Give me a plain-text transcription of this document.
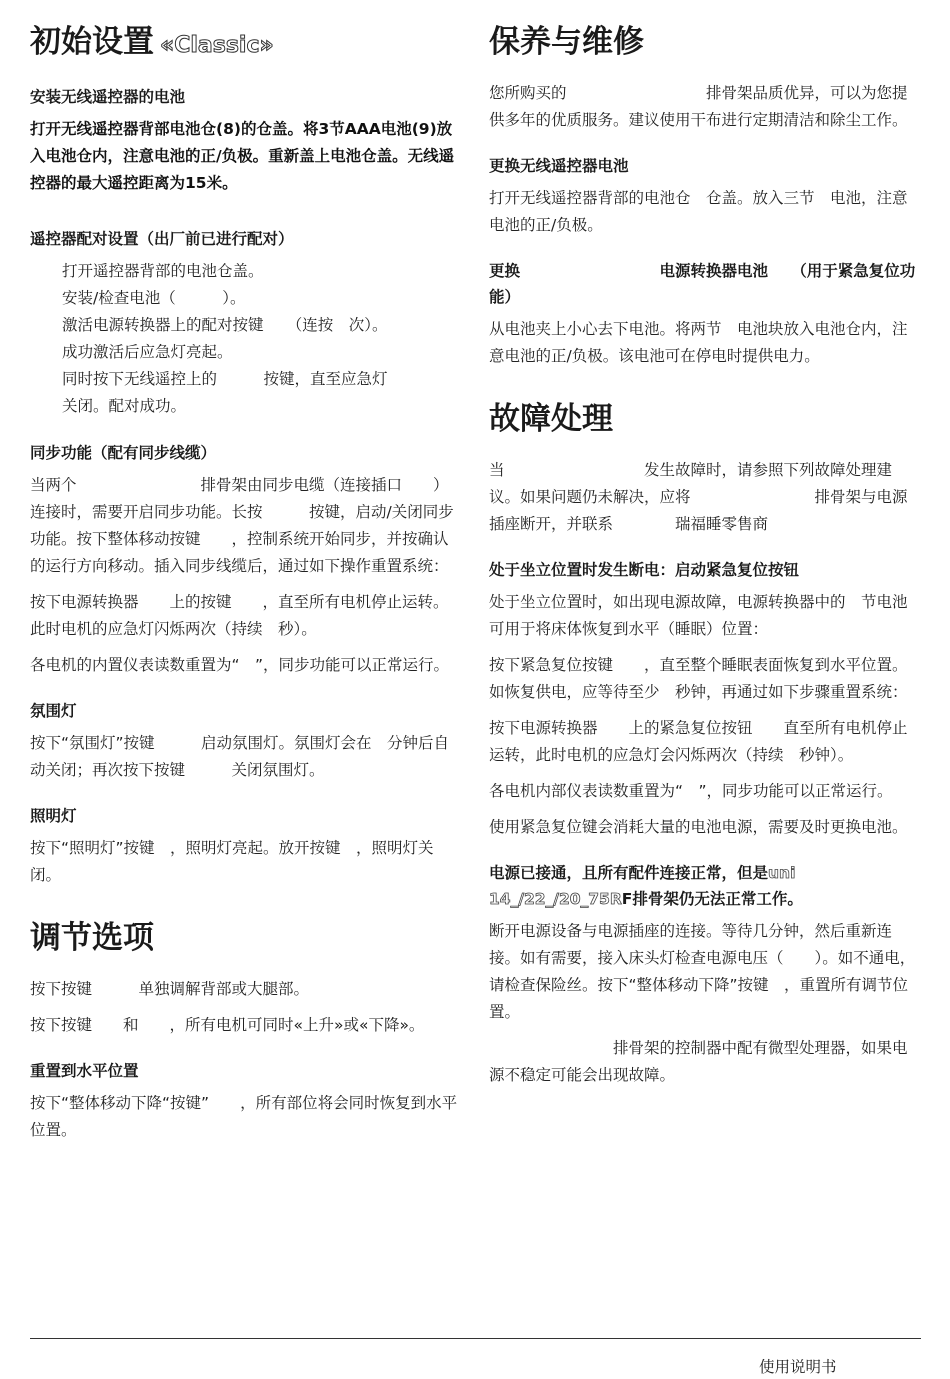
初始设置 «Classic»
安装无线遥控器的电池

打开无线遥控器背部电池仓(8)的仓盖。将3节AAA电池(9)放入电池仓内，注意电池的正/负极。重新盖上电池仓盖。无线遥控器的最大遥控距离为15米。

遥控器配对设置（出厂前已进行配对）

打开遥控器背部的电池仓盖。

安装/检查电池（　　　）。

激活电源转换器上的配对按键　　（连按　次）。

成功激活后应急灯亮起。

同时按下无线遥控上的　　　按键，直至应急灯

关闭。配对成功。

同步功能（配有同步线缆）

当两个　　　　　　　　排骨架由同步电缆（连接插口　　）连接时，需要开启同步功能。长按　　　按键，启动/关闭同步功能。按下整体移动按键　　，控制系统开始同步，并按确认的运行方向移动。插入同步线缆后，通过如下操作重置系统：

按下电源转换器　　上的按键　　，直至所有电机停止运转。此时电机的应急灯闪烁两次（持续　秒）。

各电机的内置仪表读数重置为“　”，同步功能可以正常运行。

氛围灯

按下“氛围灯”按键　　　启动氛围灯。氛围灯会在　分钟后自动关闭；再次按下按键　　　关闭氛围灯。

照明灯

按下“照明灯”按键　，照明灯亮起。放开按键　，照明灯关闭。

调节选项

按下按键　　　单独调解背部或大腿部。

按下按键　　和　　，所有电机可同时«上升»或«下降»。

重置到水平位置

按下“整体移动下降“按键”　　，所有部位将会同时恢复到水平位置。

保养与维修

您所购买的　　　　　　　　　排骨架品质优异，可以为您提供多年的优质服务。建议使用干布进行定期清洁和除尘工作。

更换无线遥控器电池

打开无线遥控器背部的电池仓　仓盖。放入三节　电池，注意电池的正/负极。

更换　　　　　　　　　电源转换器电池　　（用于紧急复位功能）

从电池夹上小心去下电池。将两节　电池块放入电池仓内，注意电池的正/负极。该电池可在停电时提供电力。

故障处理

当　　　　　　　　　发生故障时，请参照下列故障处理建议。如果问题仍未解决，应将　　　　　　　　排骨架与电源插座断开，并联系　　　　瑞福睡零售商

处于坐立位置时发生断电：启动紧急复位按钮

处于坐立位置时，如出现电源故障，电源转换器中的　节电池可用于将床体恢复到水平（睡眠）位置：

按下紧急复位按键　　，直至整个睡眠表面恢复到水平位置。如恢复供电，应等待至少　秒钟，再通过如下步骤重置系统：

按下电源转换器　　上的紧急复位按钮　　直至所有电机停止运转，此时电机的应急灯会闪烁两次（持续　秒钟）。

各电机内部仪表读数重置为“　”，同步功能可以正常运行。

使用紧急复位键会消耗大量的电池电源，需要及时更换电池。

电源已接通，且所有配件连接正常，但是uni 14_/22_/20_75RF排骨架仍无法正常工作。

断开电源设备与电源插座的连接。等待几分钟，然后重新连接。如有需要，接入床头灯检查电源电压（　　）。如不通电，请检查保险丝。按下“整体移动下降”按键　，重置所有调节位置。

　　　　　　　　排骨架的控制器中配有微型处理器，如果电源不稳定可能会出现故障。

使用说明书
